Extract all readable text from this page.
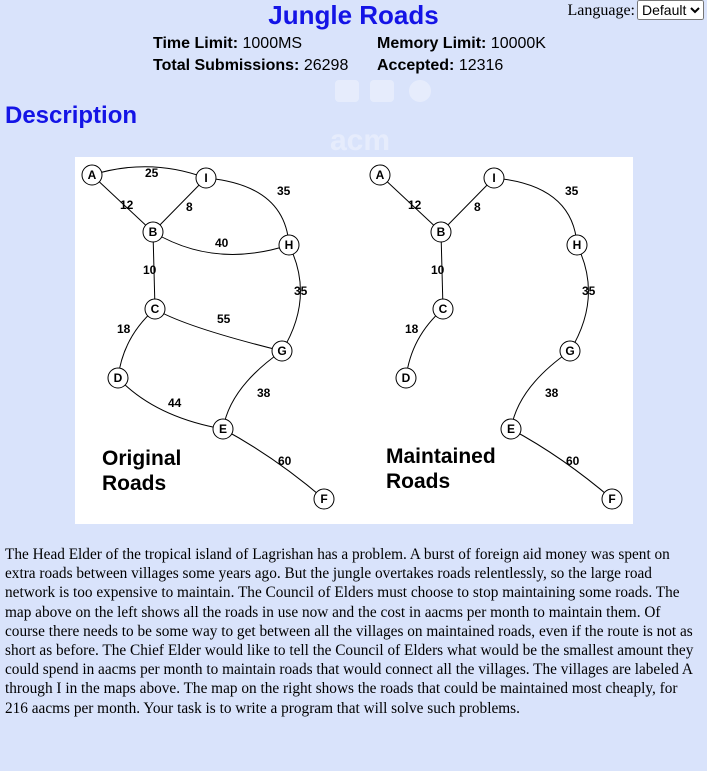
acm
Jungle Roads	Language:
Default
Time Limit: 1000MS	Memory Limit: 10000K
Total Submissions: 26298 Accepted: 12316
Description
25
12	8
35
40
10
35
55
18
44
38
60
A
B
C
D
E
F
G
H
I
12	8
35
10
35
18
38
60
A
B
C
D
E
F
G
H
I
Original
Roads
Maintained
Roads
The Head Elder of the tropical island of Lagrishan has a problem. A burst of foreign aid money was spent on extra roads between villages some years ago. But the jungle overtakes roads relentlessly, so the large road network is too expensive to maintain. The Council of Elders must choose to stop maintaining some roads. The map above on the left shows all the roads in use now and the cost in aacms per month to maintain them. Of course there needs to be some way to get between all the villages on maintained roads, even if the route is not as short as before. The Chief Elder would like to tell the Council of Elders what would be the smallest amount they could spend in aacms per month to maintain roads that would connect all the villages. The villages are labeled A through I in the maps above. The map on the right shows the roads that could be maintained most cheaply, for 216 aacms per month. Your task is to write a program that will solve such problems.
